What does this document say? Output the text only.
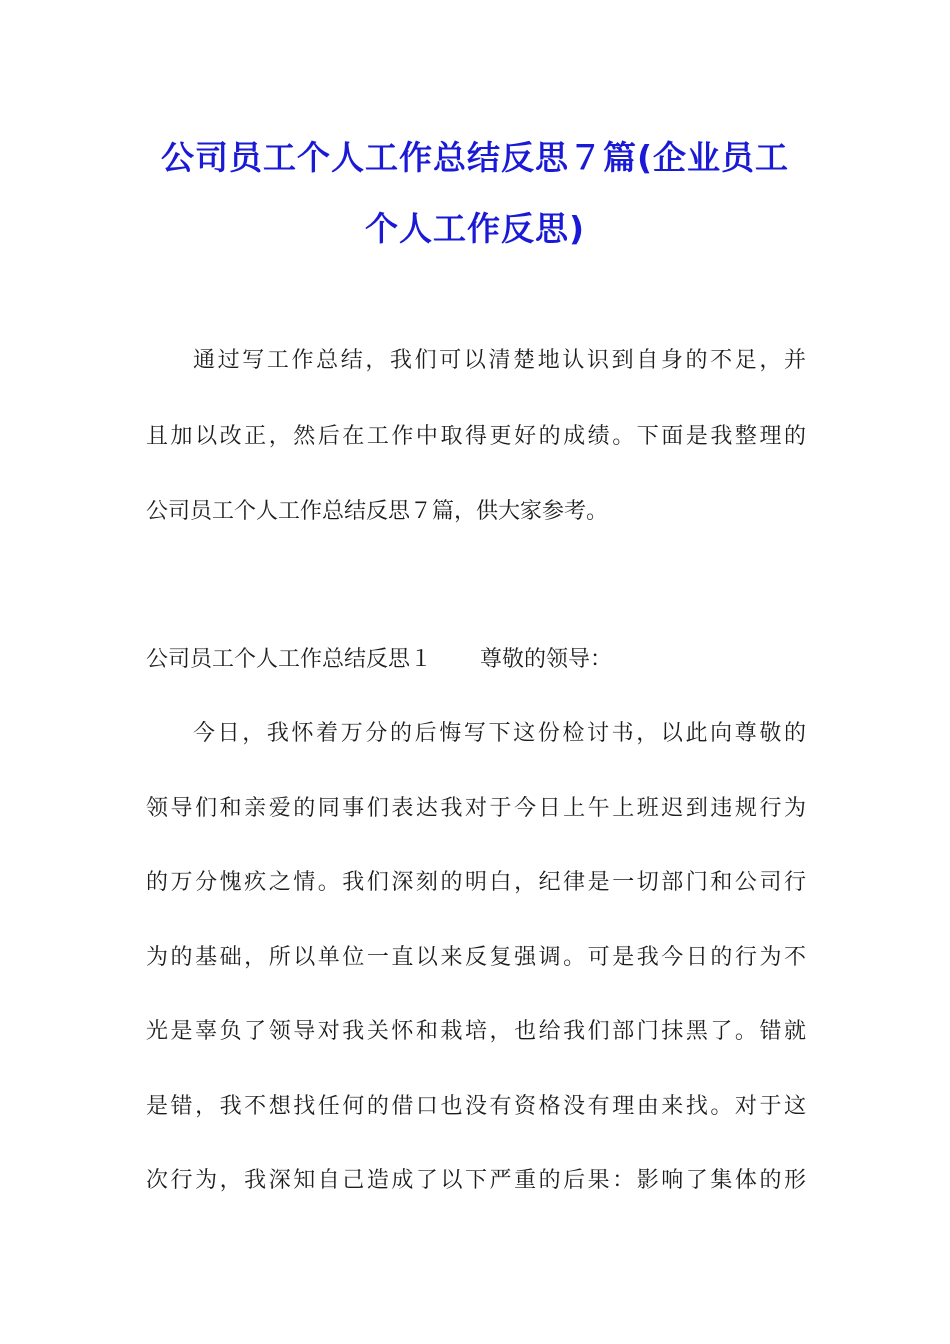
公司员工个人工作总结反思７篇(企业员工
个人工作反思)
通过写工作总结，我们可以清楚地认识到自身的不足，并
且加以改正，然后在工作中取得更好的成绩。下面是我整理的
公司员工个人工作总结反思７篇，供大家参考。
公司员工个人工作总结反思１ 尊敬的领导：
今日，我怀着万分的后悔写下这份检讨书，以此向尊敬的
领导们和亲爱的同事们表达我对于今日上午上班迟到违规行为
的万分愧疚之情。我们深刻的明白，纪律是一切部门和公司行
为的基础，所以单位一直以来反复强调。可是我今日的行为不
光是辜负了领导对我关怀和栽培，也给我们部门抹黑了。错就
是错，我不想找任何的借口也没有资格没有理由来找。对于这
次行为，我深知自己造成了以下严重的后果：影响了集体的形
